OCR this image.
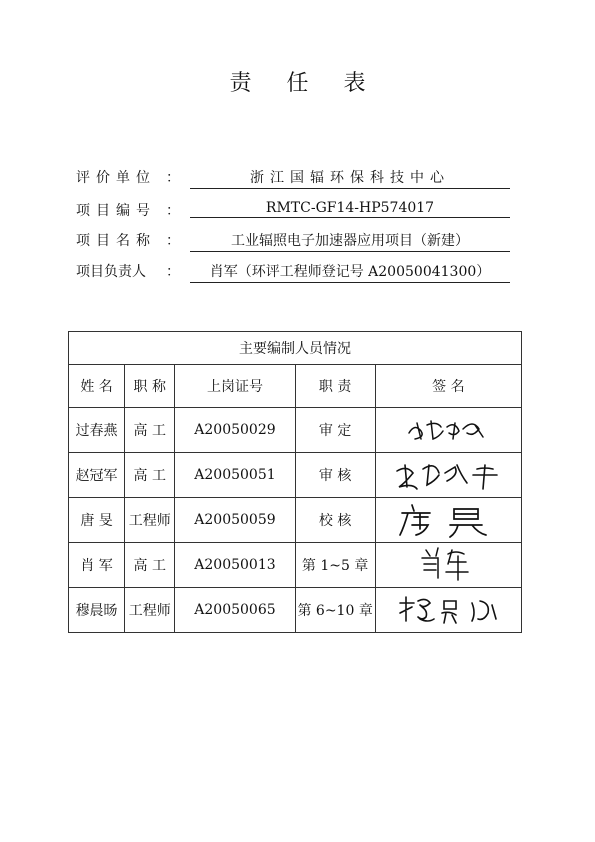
责 任 表
评价单位 ：	浙江国辐环保科技中心
项目编号 ：	RMTC-GF14-HP574017
项目名称 ：	工业辐照电子加速器应用项目（新建）
项目负责人	：	肖军（环评工程师登记号 A20050041300）
主要编制人员情况				
姓 名	职 称	上岗证号	职 责	签 名
过春燕	高 工	A20050029	审 定	

赵冠军	高 工	A20050051	审 核	

唐 旻	工程师	A20050059	校 核	

肖 军	高 工	A20050013	第 1~5 章	

穆晨旸	工程师	A20050065	第 6~10 章	
